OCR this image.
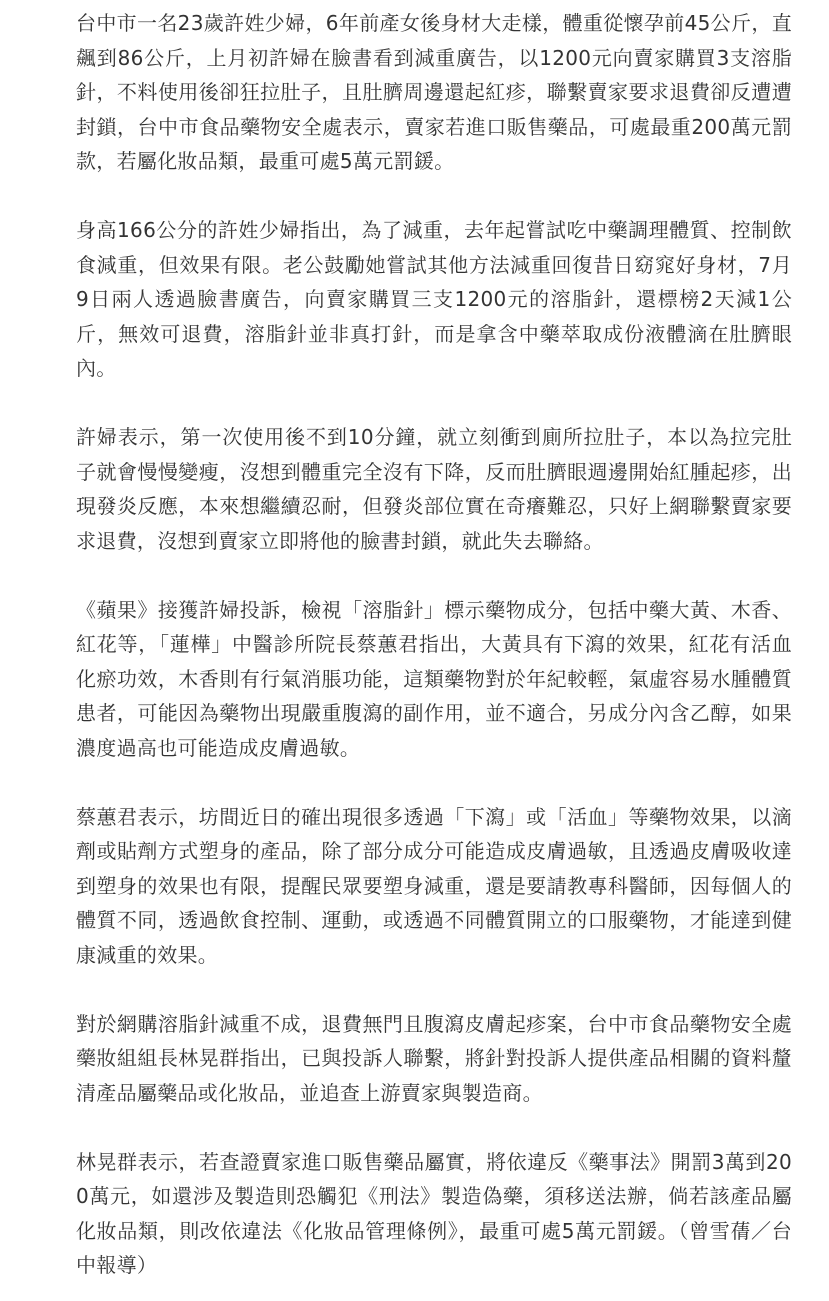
台中市一名23歲許姓少婦，6年前產女後身材大走樣，體重從懷孕前45公斤，直飆到86公斤，上月初許婦在臉書看到減重廣告，以1200元向賣家購買3支溶脂針，不料使用後卻狂拉肚子，且肚臍周邊還起紅疹，聯繫賣家要求退費卻反遭遭封鎖，台中市食品藥物安全處表示，賣家若進口販售藥品，可處最重200萬元罰款，若屬化妝品類，最重可處5萬元罰鍰。

身高166公分的許姓少婦指出，為了減重，去年起嘗試吃中藥調理體質、控制飲食減重，但效果有限。老公鼓勵她嘗試其他方法減重回復昔日窈窕好身材，7月9日兩人透過臉書廣告，向賣家購買三支1200元的溶脂針，還標榜2天減1公斤，無效可退費，溶脂針並非真打針，而是拿含中藥萃取成份液體滴在肚臍眼內。

許婦表示，第一次使用後不到10分鐘，就立刻衝到廁所拉肚子，本以為拉完肚子就會慢慢變瘦，沒想到體重完全沒有下降，反而肚臍眼週邊開始紅腫起疹，出現發炎反應，本來想繼續忍耐，但發炎部位實在奇癢難忍，只好上網聯繫賣家要求退費，沒想到賣家立即將他的臉書封鎖，就此失去聯絡。

《蘋果》接獲許婦投訴，檢視「溶脂針」標示藥物成分，包括中藥大黃、木香、紅花等，「蓮樺」中醫診所院長蔡蕙君指出，大黃具有下瀉的效果，紅花有活血化瘀功效，木香則有行氣消脹功能，這類藥物對於年紀較輕，氣虛容易水腫體質患者，可能因為藥物出現嚴重腹瀉的副作用，並不適合，另成分內含乙醇，如果濃度過高也可能造成皮膚過敏。

蔡蕙君表示，坊間近日的確出現很多透過「下瀉」或「活血」等藥物效果，以滴劑或貼劑方式塑身的產品，除了部分成分可能造成皮膚過敏，且透過皮膚吸收達到塑身的效果也有限，提醒民眾要塑身減重，還是要請教專科醫師，因每個人的體質不同，透過飲食控制、運動，或透過不同體質開立的口服藥物，才能達到健康減重的效果。

對於網購溶脂針減重不成，退費無門且腹瀉皮膚起疹案，台中市食品藥物安全處藥妝組組長林晃群指出，已與投訴人聯繫，將針對投訴人提供產品相關的資料釐清產品屬藥品或化妝品，並追查上游賣家與製造商。

林晃群表示，若查證賣家進口販售藥品屬實，將依違反《藥事法》開罰3萬到200萬元，如還涉及製造則恐觸犯《刑法》製造偽藥，須移送法辦，倘若該產品屬化妝品類，則改依違法《化妝品管理條例》，最重可處5萬元罰鍰。（曾雪蒨／台中報導）
